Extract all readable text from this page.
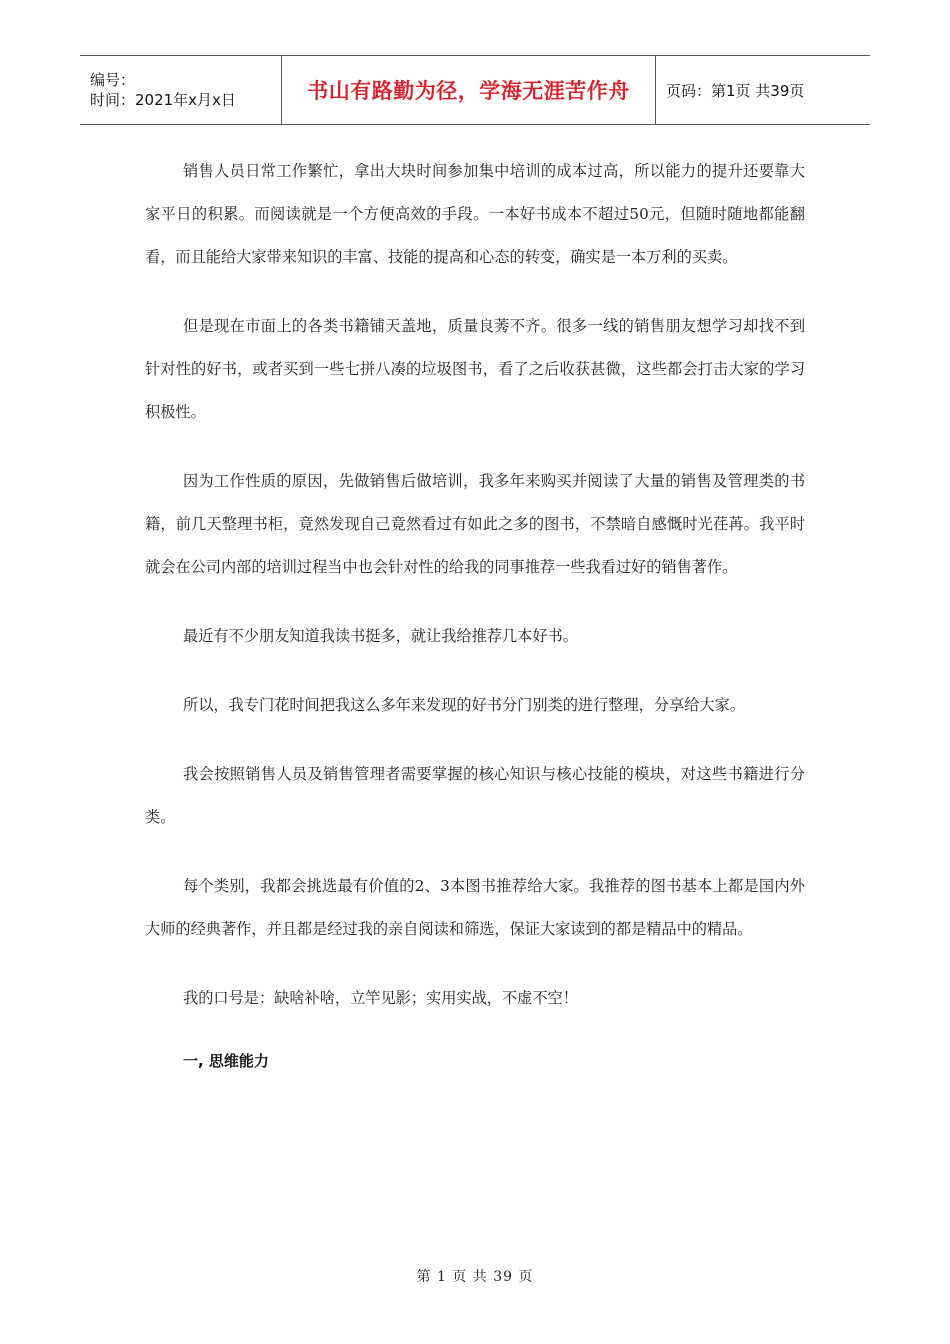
编号：
时间：2021年x月x日	书山有路勤为径，学海无涯苦作舟	页码：第1页 共39页

销售人员日常工作繁忙，拿出大块时间参加集中培训的成本过高，所以能力的提升还要靠大家平日的积累。而阅读就是一个方便高效的手段。一本好书成本不超过50元，但随时随地都能翻看，而且能给大家带来知识的丰富、技能的提高和心态的转变，确实是一本万利的买卖。

但是现在市面上的各类书籍铺天盖地，质量良莠不齐。很多一线的销售朋友想学习却找不到针对性的好书，或者买到一些七拼八凑的垃圾图书，看了之后收获甚微，这些都会打击大家的学习积极性。

因为工作性质的原因，先做销售后做培训，我多年来购买并阅读了大量的销售及管理类的书籍，前几天整理书柜，竟然发现自己竟然看过有如此之多的图书，不禁暗自感慨时光荏苒。我平时就会在公司内部的培训过程当中也会针对性的给我的同事推荐一些我看过好的销售著作。

最近有不少朋友知道我读书挺多，就让我给推荐几本好书。

所以，我专门花时间把我这么多年来发现的好书分门别类的进行整理，分享给大家。

我会按照销售人员及销售管理者需要掌握的核心知识与核心技能的模块，对这些书籍进行分类。

每个类别，我都会挑选最有价值的2、3本图书推荐给大家。我推荐的图书基本上都是国内外大师的经典著作，并且都是经过我的亲自阅读和筛选，保证大家读到的都是精品中的精品。

我的口号是：缺啥补啥，立竿见影；实用实战，不虚不空！

一, 思维能力
第 1 页 共 39 页
